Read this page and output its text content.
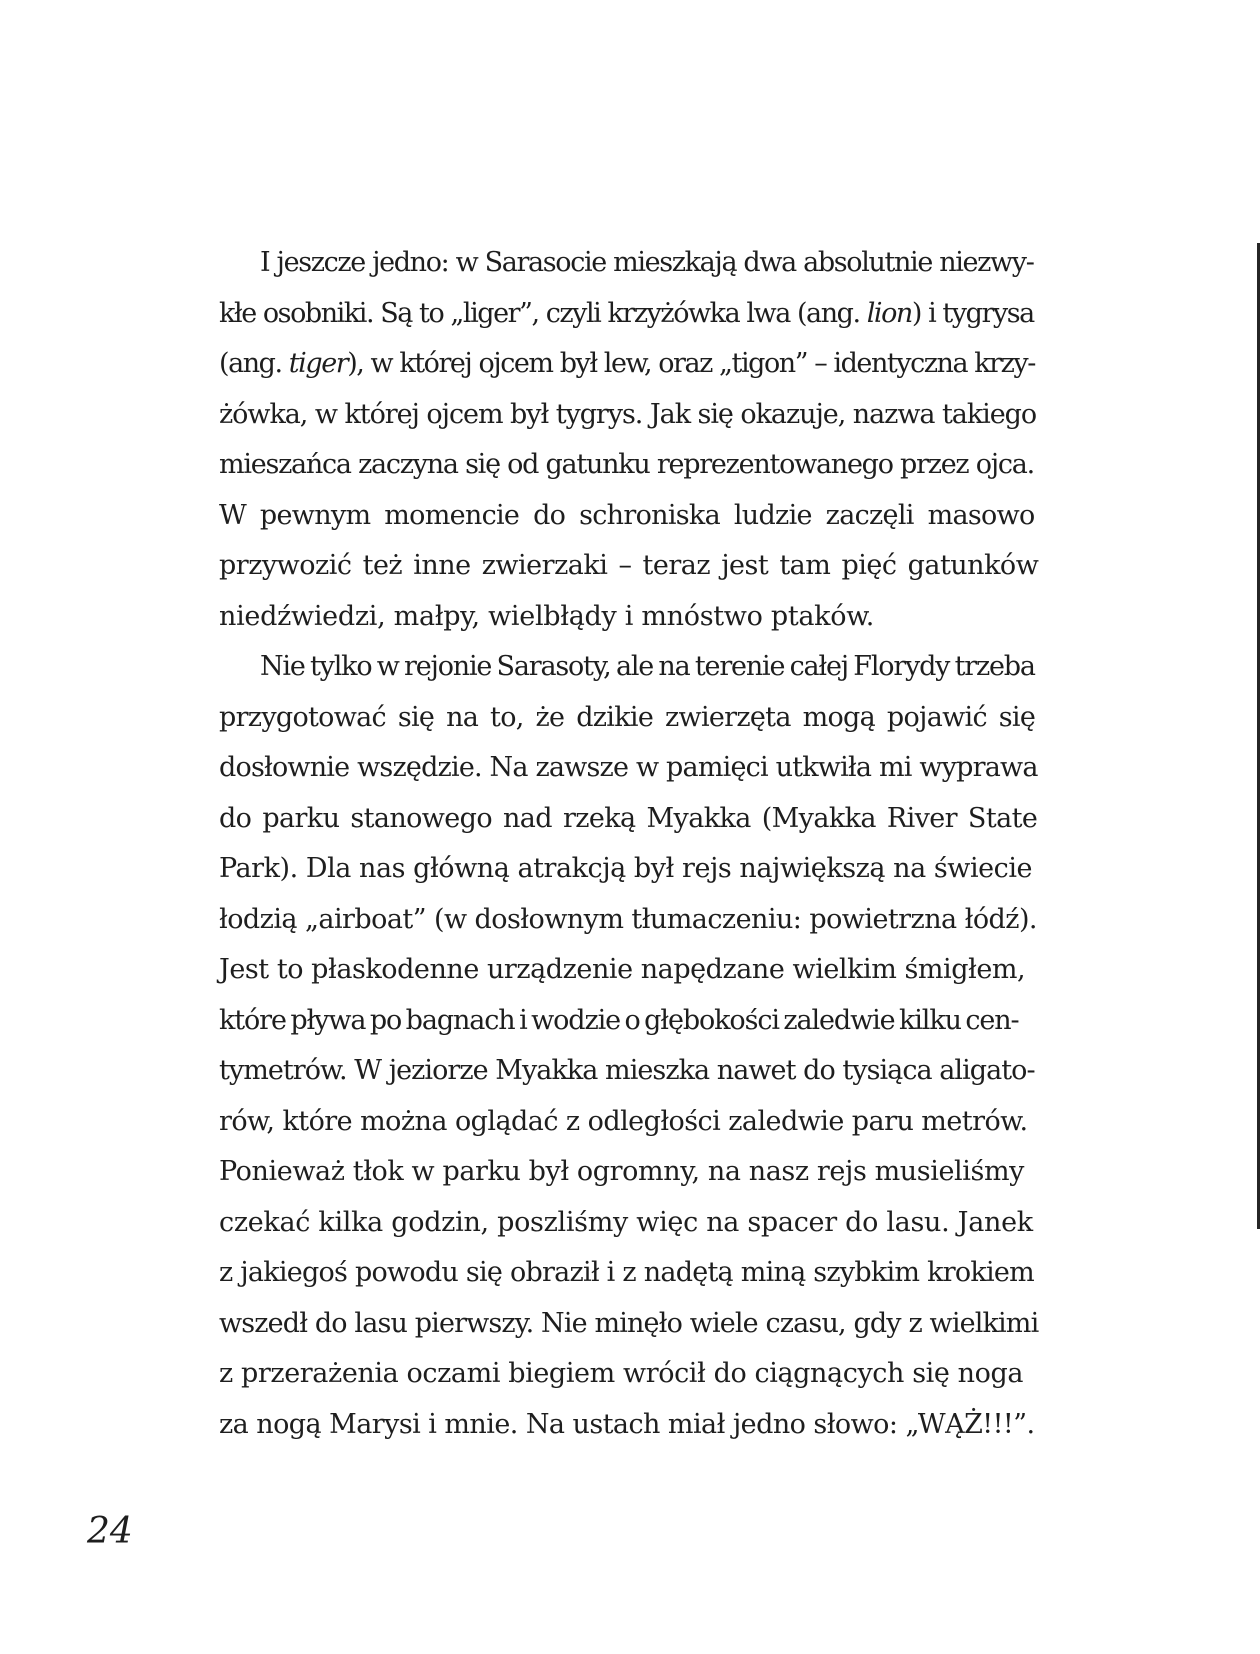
I jeszcze jedno: w Sarasocie mieszkają dwa absolutnie niezwy-
kłe osobniki. Są to „liger”, czyli krzyżówka lwa (ang. lion) i tygrysa
(ang. tiger), w której ojcem był lew, oraz „tigon” – identyczna krzy-
żówka, w której ojcem był tygrys. Jak się okazuje, nazwa takiego
mieszańca zaczyna się od gatunku reprezentowanego przez ojca.
W pewnym momencie do schroniska ludzie zaczęli masowo
przywozić też inne zwierzaki – teraz jest tam pięć gatunków
niedźwiedzi, małpy, wielbłądy i mnóstwo ptaków.
Nie tylko w rejonie Sarasoty, ale na terenie całej Florydy trzeba
przygotować się na to, że dzikie zwierzęta mogą pojawić się
dosłownie wszędzie. Na zawsze w pamięci utkwiła mi wyprawa
do parku stanowego nad rzeką Myakka (Myakka River State
Park). Dla nas główną atrakcją był rejs największą na świecie
łodzią „airboat” (w dosłownym tłumaczeniu: powietrzna łódź).
Jest to płaskodenne urządzenie napędzane wielkim śmigłem,
które pływa po bagnach i wodzie o głębokości zaledwie kilku cen-
tymetrów. W jeziorze Myakka mieszka nawet do tysiąca aligato-
rów, które można oglądać z odległości zaledwie paru metrów.
Ponieważ tłok w parku był ogromny, na nasz rejs musieliśmy
czekać kilka godzin, poszliśmy więc na spacer do lasu. Janek
z jakiegoś powodu się obraził i z nadętą miną szybkim krokiem
wszedł do lasu pierwszy. Nie minęło wiele czasu, gdy z wielkimi
z przerażenia oczami biegiem wrócił do ciągnących się noga
za nogą Marysi i mnie. Na ustach miał jedno słowo: „WĄŻ!!!”.
24
